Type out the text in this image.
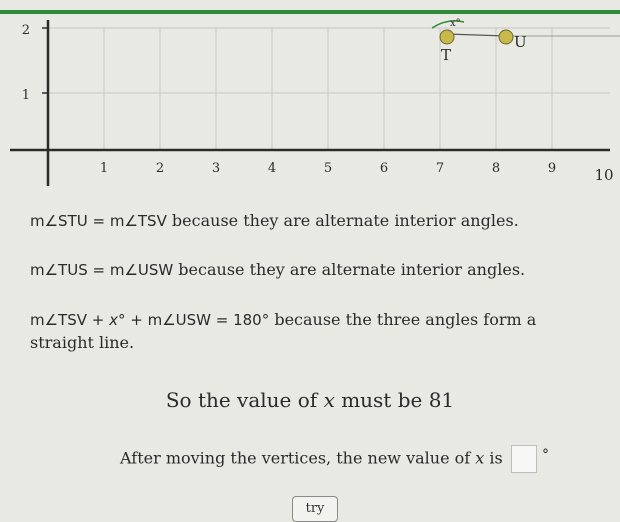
2
1
1	2	3	4	5	6	7	8	9	10
x°
T
U
m∠STU = m∠TSV because they are alternate interior angles.
m∠TUS = m∠USW because they are alternate interior angles.
m∠TSV + x° + m∠USW = 180° because the three angles form a
straight line.
So the value of x must be 81
After moving the vertices, the new value of x is	°
try
